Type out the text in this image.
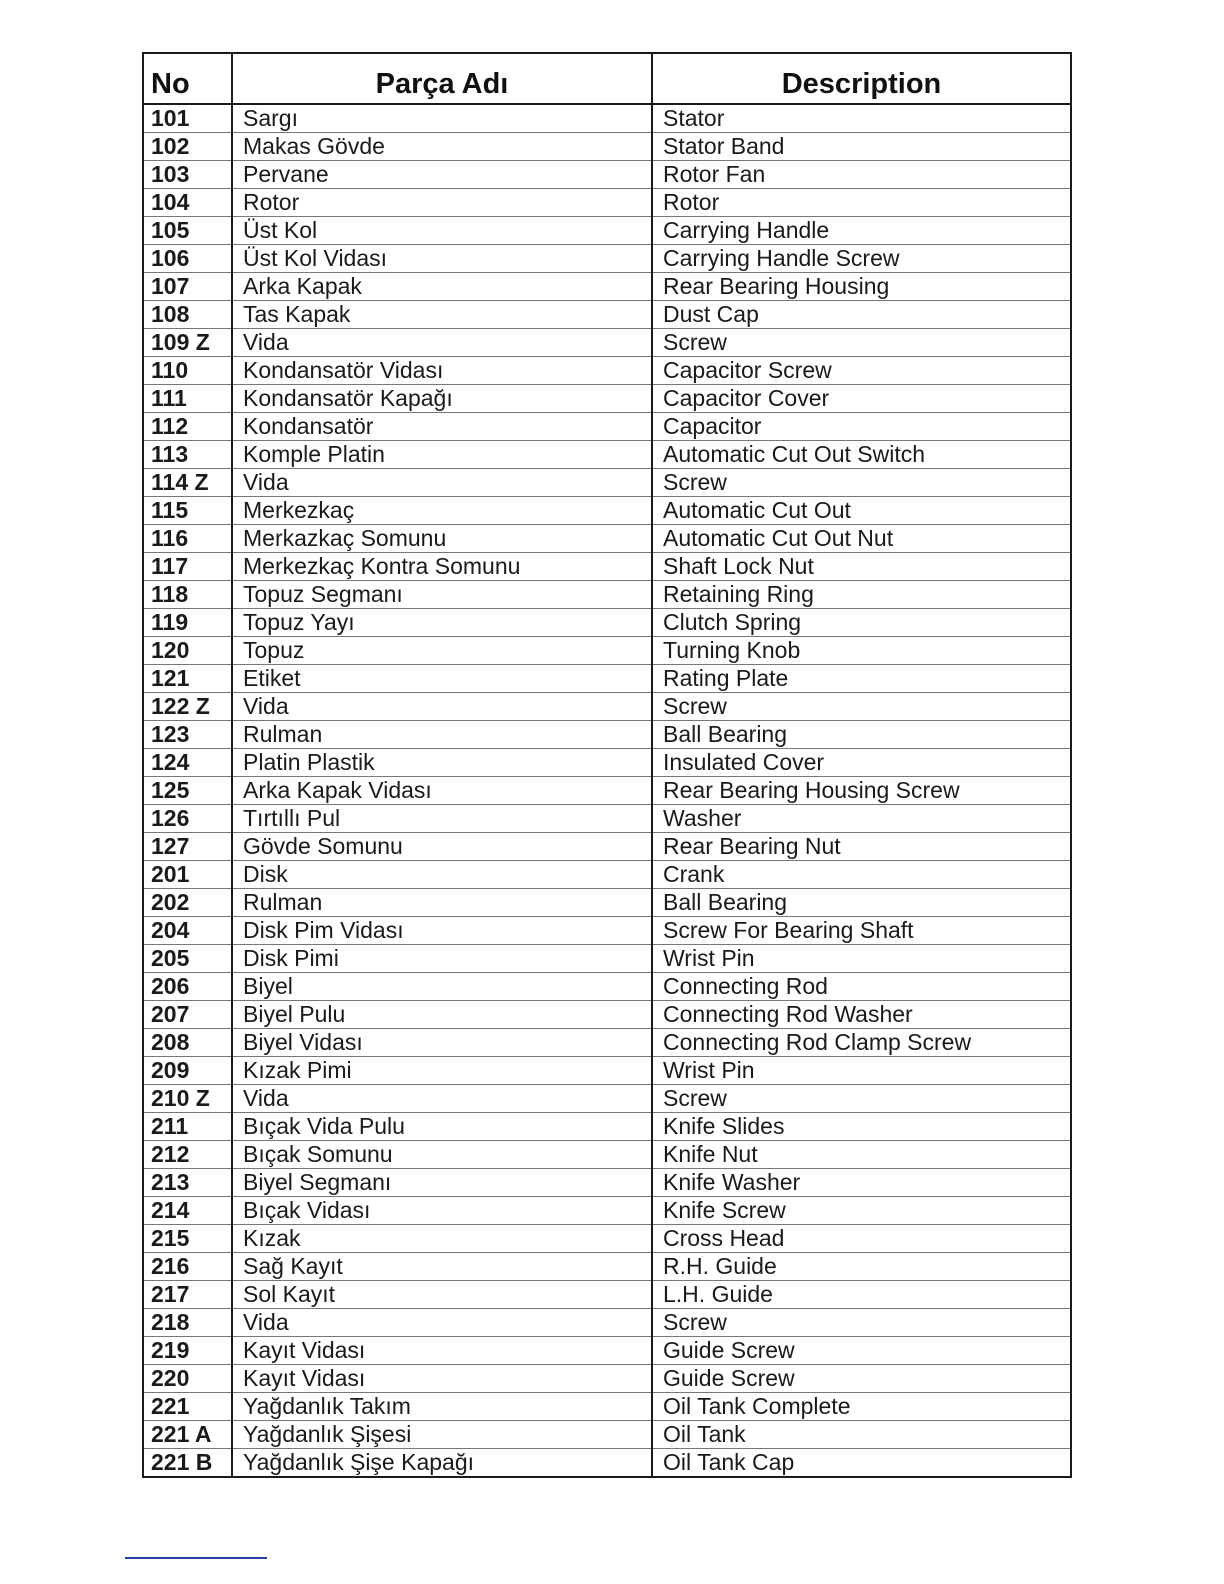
No	Parça Adı	Description
101	Sargı	Stator
102	Makas Gövde	Stator Band
103	Pervane	Rotor Fan
104	Rotor	Rotor
105	Üst Kol	Carrying Handle
106	Üst Kol Vidası	Carrying Handle Screw
107	Arka Kapak	Rear Bearing Housing
108	Tas Kapak	Dust Cap
109 Z	Vida	Screw
110	Kondansatör Vidası	Capacitor Screw
111	Kondansatör Kapağı	Capacitor Cover
112	Kondansatör	Capacitor
113	Komple Platin	Automatic Cut Out Switch
114 Z	Vida	Screw
115	Merkezkaç	Automatic Cut Out
116	Merkazkaç Somunu	Automatic Cut Out Nut
117	Merkezkaç Kontra Somunu	Shaft Lock Nut
118	Topuz Segmanı	Retaining Ring
119	Topuz Yayı	Clutch Spring
120	Topuz	Turning Knob
121	Etiket	Rating Plate
122 Z	Vida	Screw
123	Rulman	Ball Bearing
124	Platin Plastik	Insulated Cover
125	Arka Kapak Vidası	Rear Bearing Housing Screw
126	Tırtıllı Pul	Washer
127	Gövde Somunu	Rear Bearing Nut
201	Disk	Crank
202	Rulman	Ball Bearing
204	Disk Pim Vidası	Screw For Bearing Shaft
205	Disk Pimi	Wrist Pin
206	Biyel	Connecting Rod
207	Biyel Pulu	Connecting Rod Washer
208	Biyel Vidası	Connecting Rod Clamp Screw
209	Kızak Pimi	Wrist Pin
210 Z	Vida	Screw
211	Bıçak Vida Pulu	Knife Slides
212	Bıçak Somunu	Knife Nut
213	Biyel Segmanı	Knife Washer
214	Bıçak Vidası	Knife Screw
215	Kızak	Cross Head
216	Sağ Kayıt	R.H. Guide
217	Sol Kayıt	L.H. Guide
218	Vida	Screw
219	Kayıt Vidası	Guide Screw
220	Kayıt Vidası	Guide Screw
221	Yağdanlık Takım	Oil Tank Complete
221 A	Yağdanlık Şişesi	Oil Tank
221 B	Yağdanlık Şişe Kapağı	Oil Tank Cap
